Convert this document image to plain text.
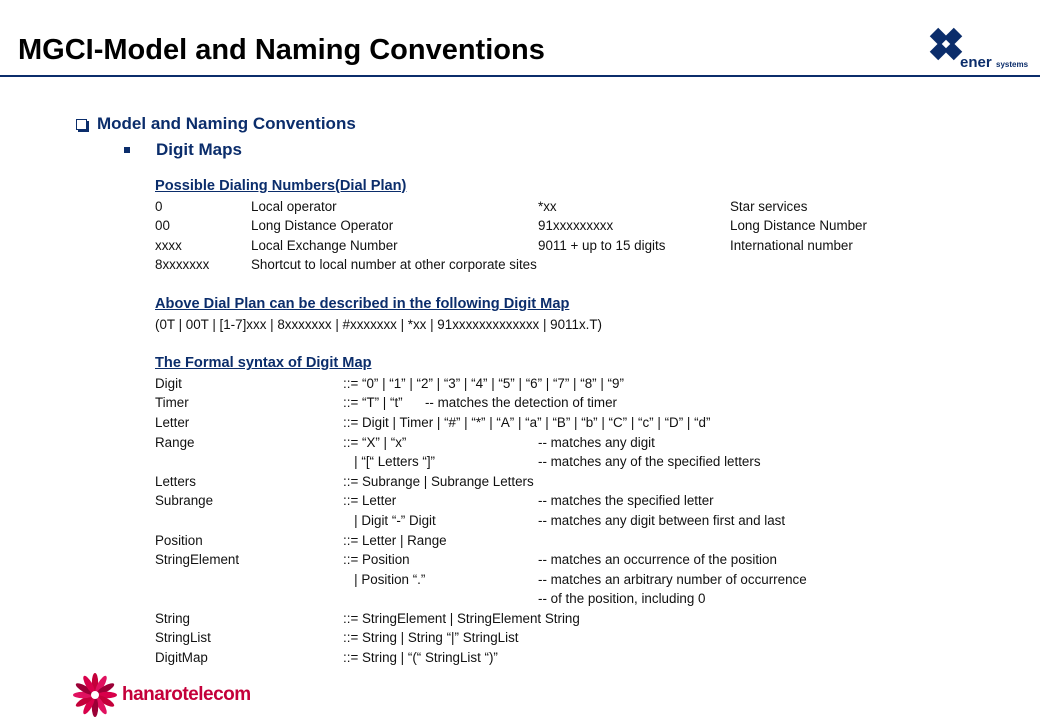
MGCI-Model and Naming Conventions	ener systems
Model and Naming Conventions
Digit Maps
Possible Dialing Numbers(Dial Plan)
0	Local operator	*xx	Star services
00	Long Distance Operator	91xxxxxxxxx	Long Distance Number
xxxx	Local Exchange Number	9011 + up to 15 digits	International number
8xxxxxxx	Shortcut to local number at other corporate sites
Above Dial Plan can be described in the following Digit Map
(0T | 00T | [1-7]xxx | 8xxxxxxx | #xxxxxxx | *xx | 91xxxxxxxxxxxxx | 9011x.T)
The Formal syntax of Digit Map
Digit	::= “0” | “1” | “2” | “3” | “4” | “5” | “6” | “7” | “8” | “9”
Timer	::= “T” | “t”      -- matches the detection of timer
Letter	::= Digit | Timer | “#” | “*” | “A” | “a” | “B” | “b” | “C” | “c” | “D” | “d”
Range	::= “X” | “x”	-- matches any digit
| “[“ Letters “]”	-- matches any of the specified letters
Letters	::= Subrange | Subrange Letters
Subrange	::= Letter	-- matches the specified letter
| Digit “-” Digit	-- matches any digit between first and last
Position	::= Letter | Range
StringElement	::= Position	-- matches an occurrence of the position
| Position “.”	-- matches an arbitrary number of occurrence
-- of the position, including 0
String	::= StringElement | StringElement String
StringList	::= String | String “|” StringList
DigitMap	::= String | “(“ StringList “)”
hanarotelecom
